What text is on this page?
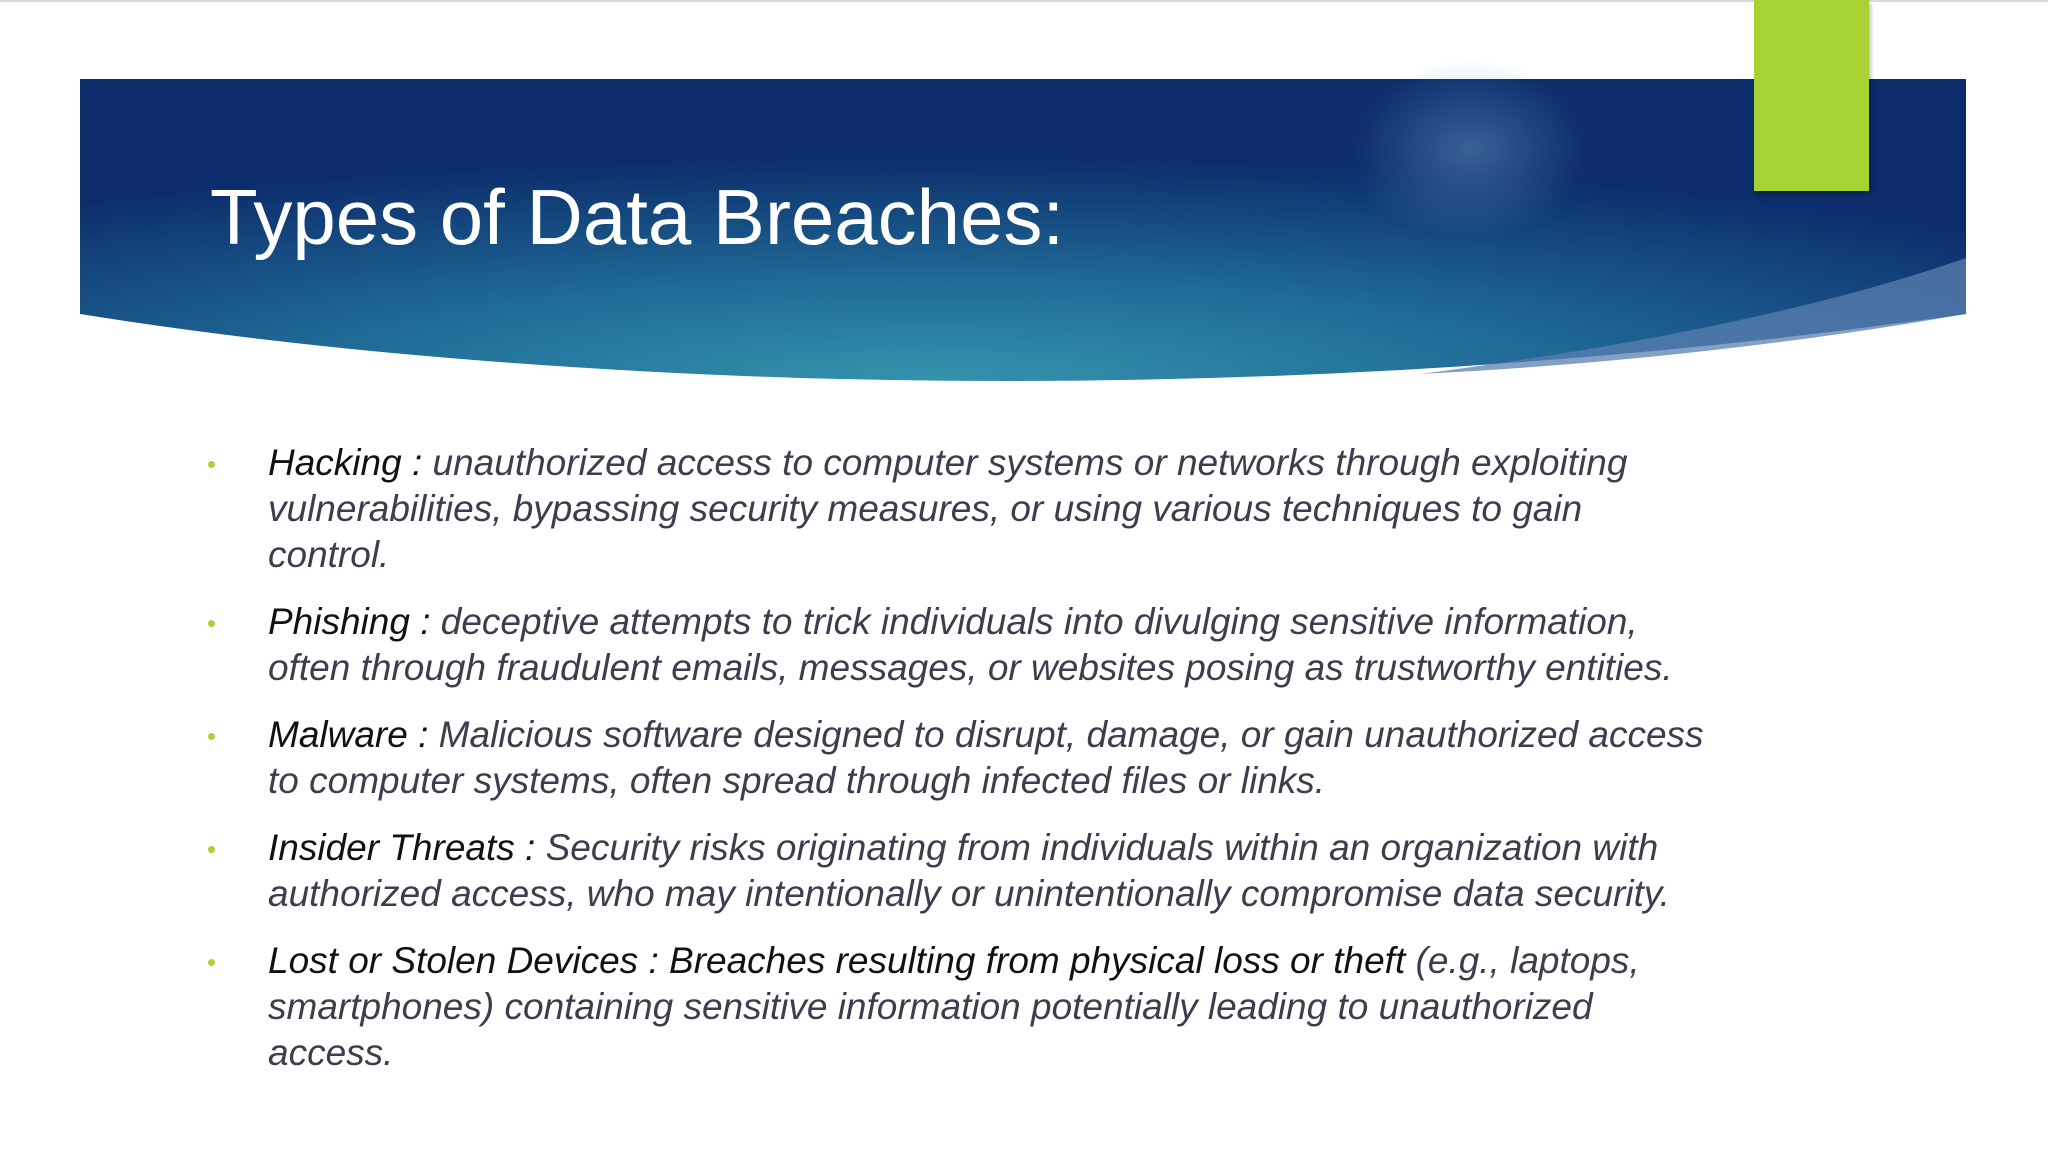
Types of Data Breaches:
Hacking : unauthorized access to computer systems or networks through exploiting vulnerabilities, bypassing security measures, or using various techniques to gain control.
Phishing : deceptive attempts to trick individuals into divulging sensitive information, often through fraudulent emails, messages, or websites posing as trustworthy entities.
Malware : Malicious software designed to disrupt, damage, or gain unauthorized access to computer systems, often spread through infected files or links.
Insider Threats : Security risks originating from individuals within an organization with authorized access, who may intentionally or unintentionally compromise data security.
Lost or Stolen Devices : Breaches resulting from physical loss or theft (e.g., laptops, smartphones) containing sensitive information potentially leading to unauthorized access.
